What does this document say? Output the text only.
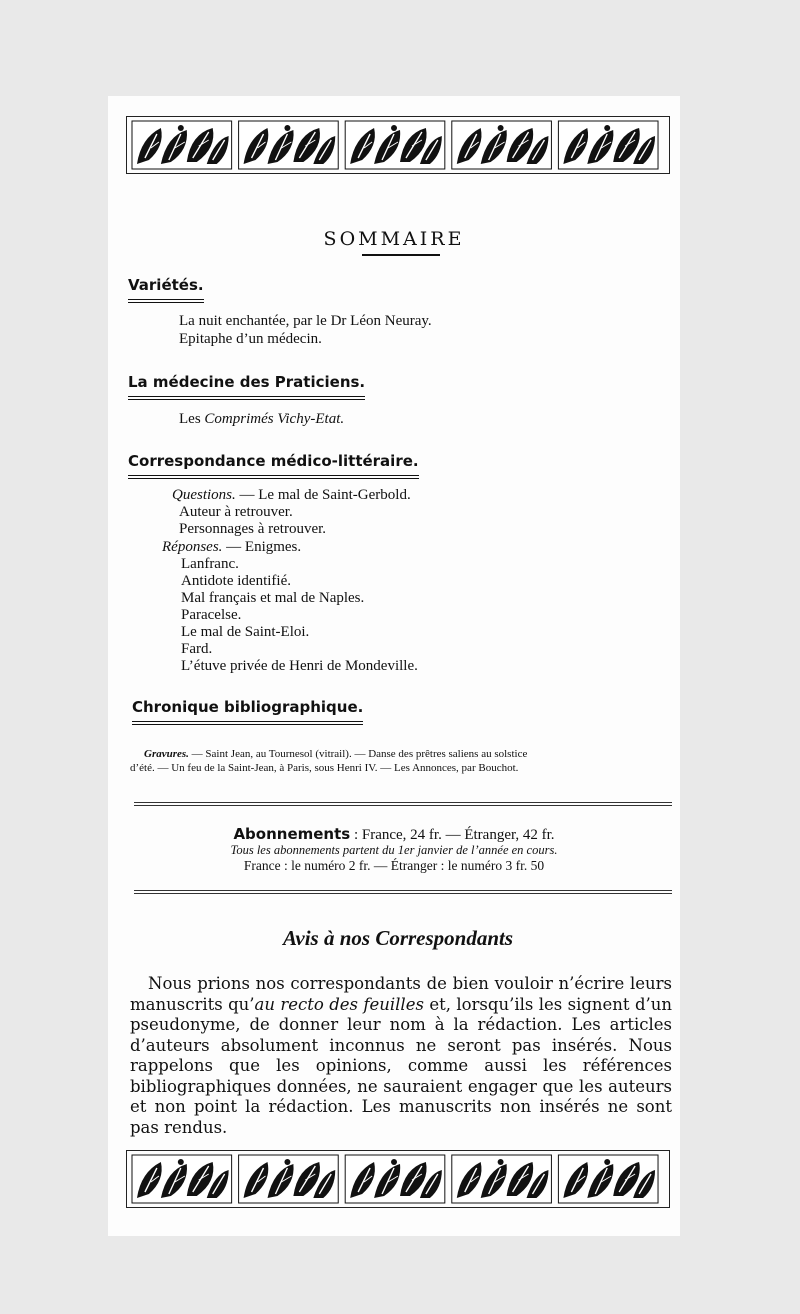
SOMMAIRE
Variétés.
La nuit enchantée, par le Dr Léon Neuray.
Epitaphe d’un médecin.
La médecine des Praticiens.
Les Comprimés Vichy-Etat.
Correspondance médico-littéraire.
Questions. — Le mal de Saint-Gerbold.
Auteur à retrouver.
Personnages à retrouver.
Réponses. — Enigmes.
Lanfranc.
Antidote identifié.
Mal français et mal de Naples.
Paracelse.
Le mal de Saint-Eloi.
Fard.
L’étuve privée de Henri de Mondeville.
Chronique bibliographique.
Gravures. — Saint Jean, au Tournesol (vitrail). — Danse des prêtres saliens au solstice
d’été. — Un feu de la Saint-Jean, à Paris, sous Henri IV. — Les Annonces, par Bouchot.
Abonnements : France, 24 fr. — Étranger, 42 fr.
Tous les abonnements partent du 1er janvier de l’année en cours.
France : le numéro 2 fr. — Étranger : le numéro 3 fr. 50
Avis à nos Correspondants
Nous prions nos correspondants de bien vouloir n’écrire leurs manuscrits qu’au recto des feuilles et, lorsqu’ils les signent d’un pseudonyme, de donner leur nom à la rédaction. Les articles d’auteurs absolument inconnus ne seront pas insérés. Nous rappelons que les opinions, comme aussi les références bibliographiques données, ne sauraient engager que les auteurs et non point la rédaction. Les manuscrits non insérés ne sont pas rendus.
